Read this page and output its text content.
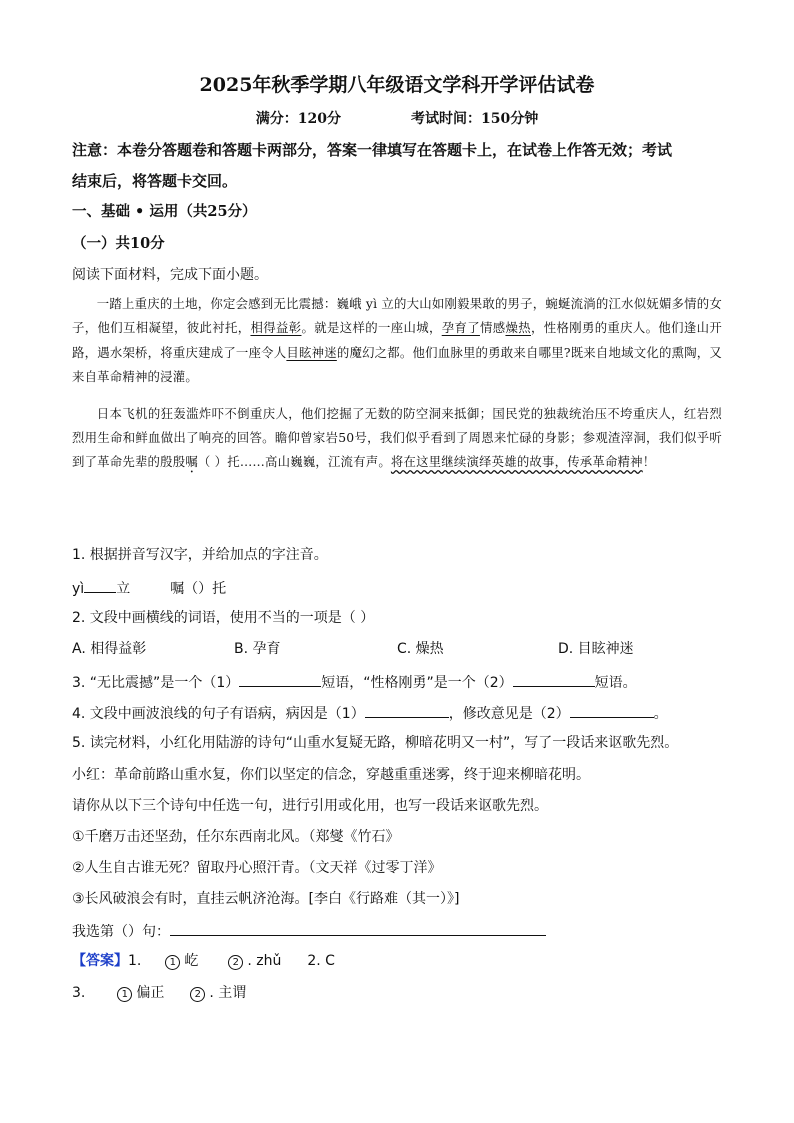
2025年秋季学期八年级语文学科开学评估试卷
满分：120分	考试时间：150分钟
注意：本卷分答题卷和答题卡两部分，答案一律填写在答题卡上，在试卷上作答无效；考试
结束后，将答题卡交回。
一、基础 • 运用（共25分）
（一）共10分
阅读下面材料，完成下面小题。

一踏上重庆的土地，你定会感到无比震撼：巍峨 yì 立的大山如刚毅果敢的男子，蜿蜒流淌的江水似妩媚多情的女子，他们互相凝望，彼此衬托，相得益彰。就是这样的一座山城，孕育了情感燥热，性格刚勇的重庆人。他们逢山开路，遇水架桥，将重庆建成了一座令人目眩神迷的魔幻之都。他们血脉里的勇敢来自哪里?既来自地域文化的熏陶，又来自革命精神的浸灌。

日本飞机的狂轰滥炸吓不倒重庆人，他们挖掘了无数的防空洞来抵御；国民党的独裁统治压不垮重庆人，红岩烈烈用生命和鲜血做出了响亮的回答。瞻仰曾家岩50号，我们似乎看到了周恩来忙碌的身影；参观渣滓洞，我们似乎听到了革命先辈的殷殷嘱（ ）托……高山巍巍，江流有声。将在这里继续演绎英雄的故事，传承革命精神！

1. 根据拼音写汉字，并给加点的字注音。
yì 立	嘱（）托
2. 文段中画横线的词语，使用不当的一项是（ ）
A. 相得益彰	B. 孕育	C. 燥热	D. 目眩神迷
3. “无比震撼”是一个（1）	短语，“性格刚勇”是一个（2）	短语。
4. 文段中画波浪线的句子有语病，病因是（1）	，修改意见是（2）	。
5. 读完材料，小红化用陆游的诗句“山重水复疑无路，柳暗花明又一村”，写了一段话来讴歌先烈。
小红：革命前路山重水复，你们以坚定的信念，穿越重重迷雾，终于迎来柳暗花明。
请你从以下三个诗句中任选一句，进行引用或化用，也写一段话来讴歌先烈。
①千磨万击还坚劲，任尔东西南北风。（郑燮《竹石》
②人生自古谁无死？留取丹心照汗青。（文天祥《过零丁洋》
③长风破浪会有时，直挂云帆济沧海。[李白《行路难（其一）》]
我选第（）句：
【答案】1.	1 屹	2 . zhǔ 2. C
3.	1 偏正	2 . 主谓
